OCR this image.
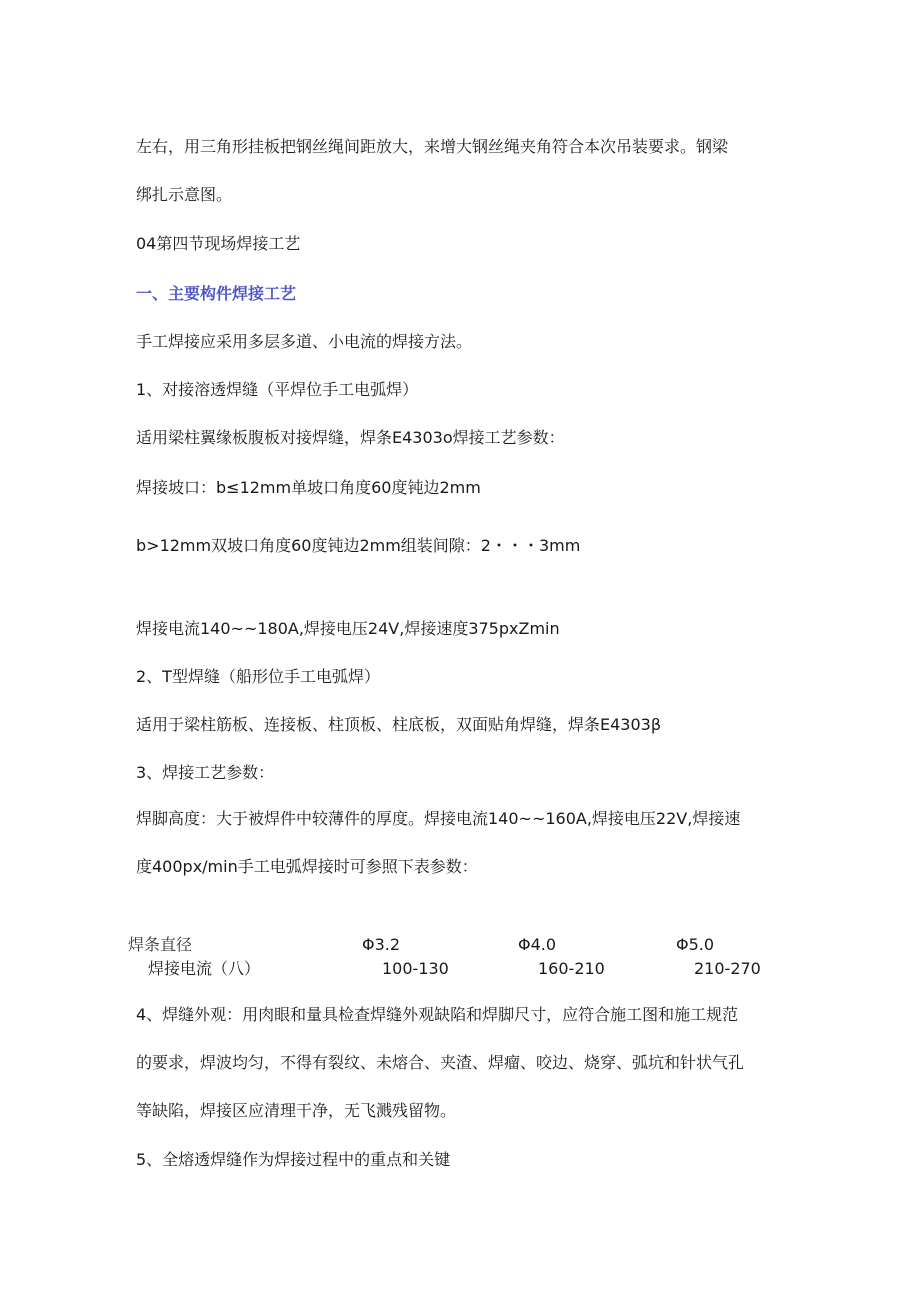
左右，用三角形挂板把钢丝绳间距放大，来增大钢丝绳夹角符合本次吊装要求。钢梁
绑扎示意图。
04第四节现场焊接工艺
一、主要构件焊接工艺
手工焊接应采用多层多道、小电流的焊接方法。
1、对接溶透焊缝（平焊位手工电弧焊）
适用梁柱翼缘板腹板对接焊缝，焊条E4303o焊接工艺参数：
焊接坡口：b≤12mm单坡口角度60度钝边2mm
b>12mm双坡口角度60度钝边2mm组装间隙：2・・・3mm
焊接电流140~~180A,焊接电压24V,焊接速度375pxZmin
2、T型焊缝（船形位手工电弧焊）
适用于梁柱筋板、连接板、柱顶板、柱底板，双面贴角焊缝，焊条E4303β
3、焊接工艺参数：
焊脚高度：大于被焊件中较薄件的厚度。焊接电流140~~160A,焊接电压22V,焊接速
度400px/min手工电弧焊接时可参照下表参数：
焊条直径	Φ3.2	Φ4.0	Φ5.0
焊接电流（八）	100-130	160-210	210-270
4、焊缝外观：用肉眼和量具检查焊缝外观缺陷和焊脚尺寸，应符合施工图和施工规范
的要求，焊波均匀，不得有裂纹、未熔合、夹渣、焊瘤、咬边、烧穿、弧坑和针状气孔
等缺陷，焊接区应清理干净，无飞溅残留物。
5、全熔透焊缝作为焊接过程中的重点和关键
